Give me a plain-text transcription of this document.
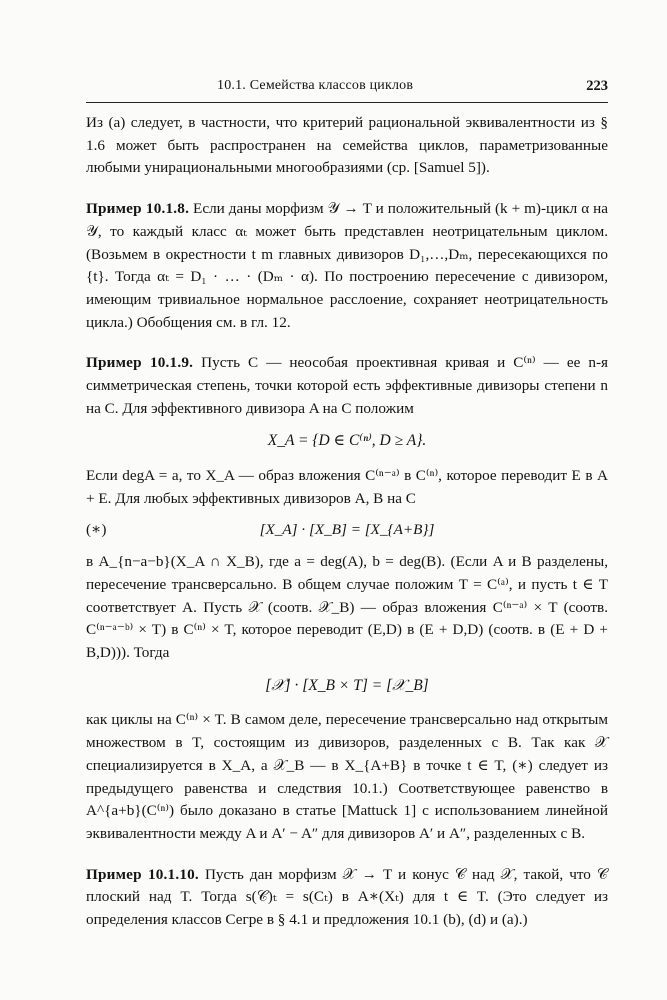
10.1. Семейства классов циклов	223

Из (a) следует, в частности, что критерий рациональной эквивалентности из § 1.6 может быть распространен на семейства циклов, параметризованные любыми унирациональными многообразиями (ср. [Samuel 5]).

Пример 10.1.8. Если даны морфизм 𝒴 → T и положительный (k + m)-цикл α на 𝒴, то каждый класс αₜ может быть представлен неотрицательным циклом. (Возьмем в окрестности t m главных дивизоров D₁,…,Dₘ, пересекающихся по {t}. Тогда αₜ = D₁ · … · (Dₘ · α). По построению пересечение с дивизором, имеющим тривиальное нормальное расслоение, сохраняет неотрицательность цикла.) Обобщения см. в гл. 12.

Пример 10.1.9. Пусть C — неособая проективная кривая и C⁽ⁿ⁾ — ее n-я симметрическая степень, точки которой есть эффективные дивизоры степени n на C. Для эффективного дивизора A на C положим

X_A = {D ∈ C⁽ⁿ⁾, D ≥ A}.

Если degA = a, то X_A — образ вложения C⁽ⁿ⁻ᵃ⁾ в C⁽ⁿ⁾, которое переводит E в A + E. Для любых эффективных дивизоров A, B на C

(∗)	[X_A] · [X_B] = [X_{A+B}]

в A_{n−a−b}(X_A ∩ X_B), где a = deg(A), b = deg(B). (Если A и B разделены, пересечение трансверсально. В общем случае положим T = C⁽ᵃ⁾, и пусть t ∈ T соответствует A. Пусть 𝒳 (соотв. 𝒳_B) — образ вложения C⁽ⁿ⁻ᵃ⁾ × T (соотв. C⁽ⁿ⁻ᵃ⁻ᵇ⁾ × T) в C⁽ⁿ⁾ × T, которое переводит (E,D) в (E + D,D) (соотв. в (E + D + B,D))). Тогда

[𝒳] · [X_B × T] = [𝒳_B]

как циклы на C⁽ⁿ⁾ × T. В самом деле, пересечение трансверсально над открытым множеством в T, состоящим из дивизоров, разделенных с B. Так как 𝒳 специализируется в X_A, а 𝒳_B — в X_{A+B} в точке t ∈ T, (∗) следует из предыдущего равенства и следствия 10.1.) Соответствующее равенство в A^{a+b}(C⁽ⁿ⁾) было доказано в статье [Mattuck 1] с использованием линейной эквивалентности между A и A′ − A″ для дивизоров A′ и A″, разделенных с B.

Пример 10.1.10. Пусть дан морфизм 𝒳 → T и конус 𝒞 над 𝒳, такой, что 𝒞 плоский над T. Тогда s(𝒞)ₜ = s(Cₜ) в A∗(Xₜ) для t ∈ T. (Это следует из определения классов Сегре в § 4.1 и предложения 10.1 (b), (d) и (a).)
